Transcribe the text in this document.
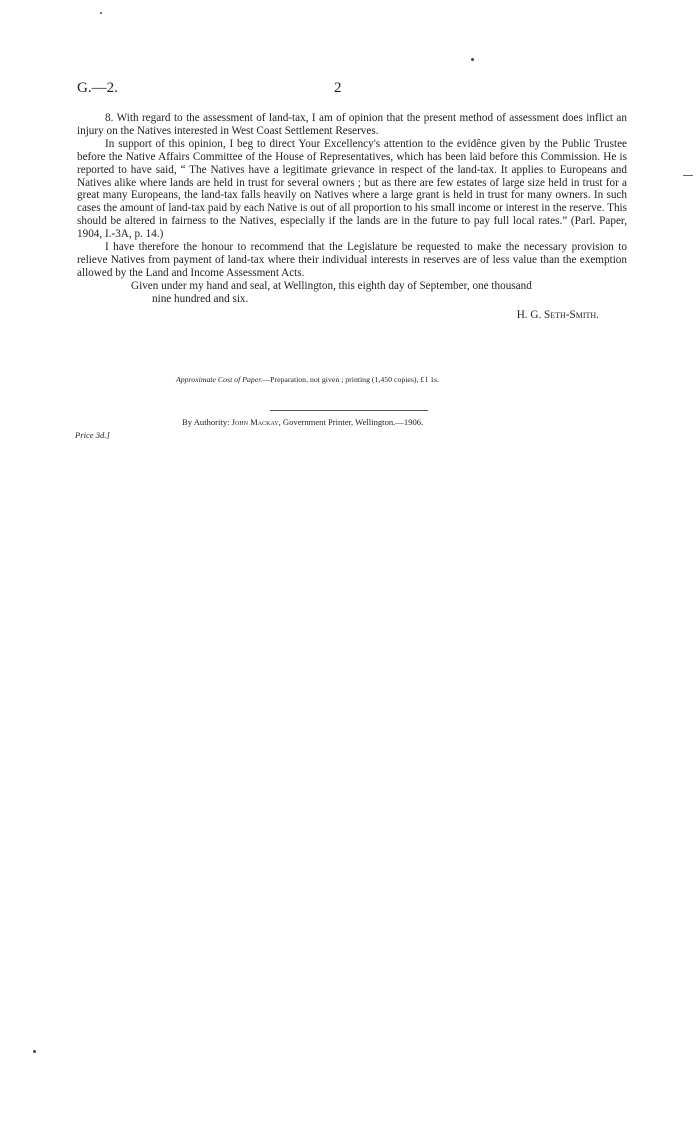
G.—2.	2

8. With regard to the assessment of land-tax, I am of opinion that the present method of assessment does inflict an injury on the Natives interested in West Coast Settlement Reserves.

In support of this opinion, I beg to direct Your Excellency's attention to the evidênce given by the Public Trustee before the Native Affairs Committee of the House of Representatives, which has been laid before this Commission. He is reported to have said, “ The Natives have a legitimate grievance in respect of the land-tax. It applies to Europeans and Natives alike where lands are held in trust for several owners ; but as there are few estates of large size held in trust for a great many Europeans, the land-tax falls heavily on Natives where a large grant is held in trust for many owners. In such cases the amount of land-tax paid by each Native is out of all proportion to his small income or interest in the reserve. This should be altered in fairness to the Natives, especially if the lands are in the future to pay full local rates.” (Parl. Paper, 1904, I.-3A, p. 14.)

I have therefore the honour to recommend that the Legislature be requested to make the necessary provision to relieve Natives from payment of land-tax where their individual interests in reserves are of less value than the exemption allowed by the Land and Income Assessment Acts.

Given under my hand and seal, at Wellington, this eighth day of September, one thousand
nine hundred and six.

H. G. Seth-Smith.
Approximate Cost of Paper.—Preparation, not given ; printing (1,450 copies), £1 1s.
By Authority: John Mackay, Government Printer, Wellington.—1906.
Price 3d.]
